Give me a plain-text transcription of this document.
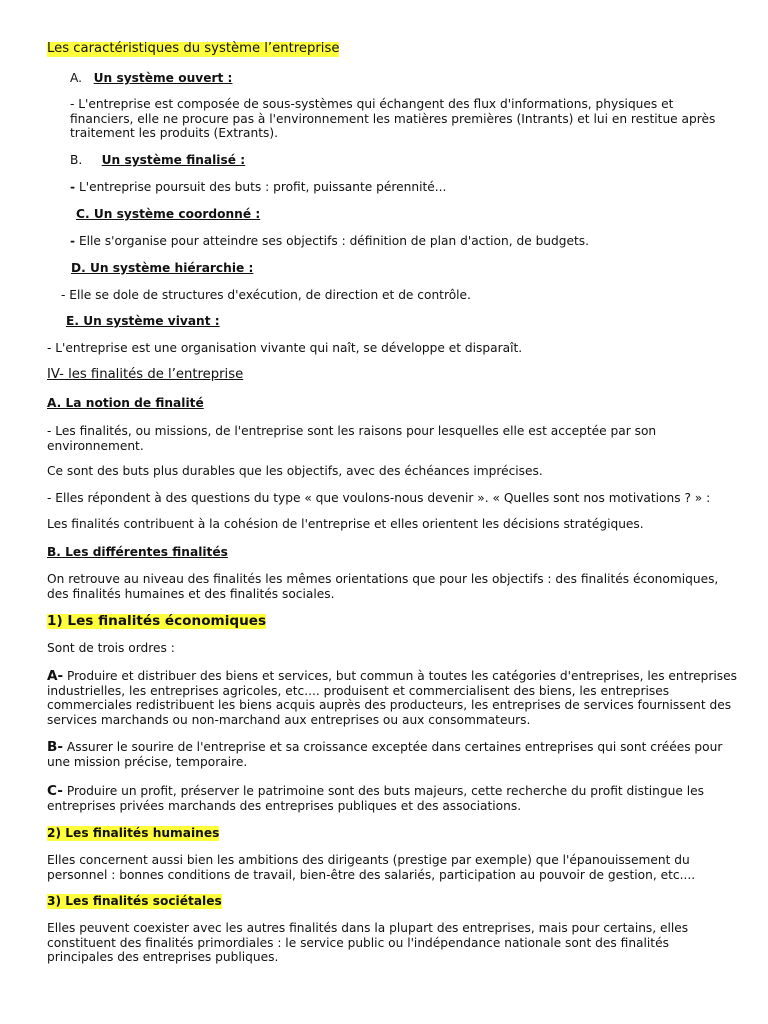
Les caractéristiques du système l’entreprise
A. Un système ouvert :
- L'entreprise est composée de sous-systèmes qui échangent des flux d'informations, physiques et financiers, elle ne procure pas à l'environnement les matières premières (Intrants) et lui en restitue après traitement les produits (Extrants).
B. Un système finalisé :
- L'entreprise poursuit des buts : profit, puissante pérennité...
C. Un système coordonné :
- Elle s'organise pour atteindre ses objectifs : définition de plan d'action, de budgets.
D. Un système hiérarchie :
- Elle se dole de structures d'exécution, de direction et de contrôle.
E. Un système vivant :
- L'entreprise est une organisation vivante qui naît, se développe et disparaît.
IV- les finalités de l’entreprise
A. La notion de finalité
- Les finalités, ou missions, de l'entreprise sont les raisons pour lesquelles elle est acceptée par son environnement.
Ce sont des buts plus durables que les objectifs, avec des échéances imprécises.
- Elles répondent à des questions du type « que voulons-nous devenir ». « Quelles sont nos motivations ? » :
Les finalités contribuent à la cohésion de l'entreprise et elles orientent les décisions stratégiques.
B. Les différentes finalités
On retrouve au niveau des finalités les mêmes orientations que pour les objectifs : des finalités économiques, des finalités humaines et des finalités sociales.
1) Les finalités économiques
Sont de trois ordres :
A- Produire et distribuer des biens et services, but commun à toutes les catégories d'entreprises, les entreprises industrielles, les entreprises agricoles, etc.... produisent et commercialisent des biens, les entreprises commerciales redistribuent les biens acquis auprès des producteurs, les entreprises de services fournissent des services marchands ou non-marchand aux entreprises ou aux consommateurs.
B- Assurer le sourire de l'entreprise et sa croissance exceptée dans certaines entreprises qui sont créées pour une mission précise, temporaire.
C- Produire un profit, préserver le patrimoine sont des buts majeurs, cette recherche du profit distingue les entreprises privées marchands des entreprises publiques et des associations.
2) Les finalités humaines
Elles concernent aussi bien les ambitions des dirigeants (prestige par exemple) que l'épanouissement du personnel : bonnes conditions de travail, bien-être des salariés, participation au pouvoir de gestion, etc....
3) Les finalités sociétales
Elles peuvent coexister avec les autres finalités dans la plupart des entreprises, mais pour certains, elles constituent des finalités primordiales : le service public ou l'indépendance nationale sont des finalités principales des entreprises publiques.
